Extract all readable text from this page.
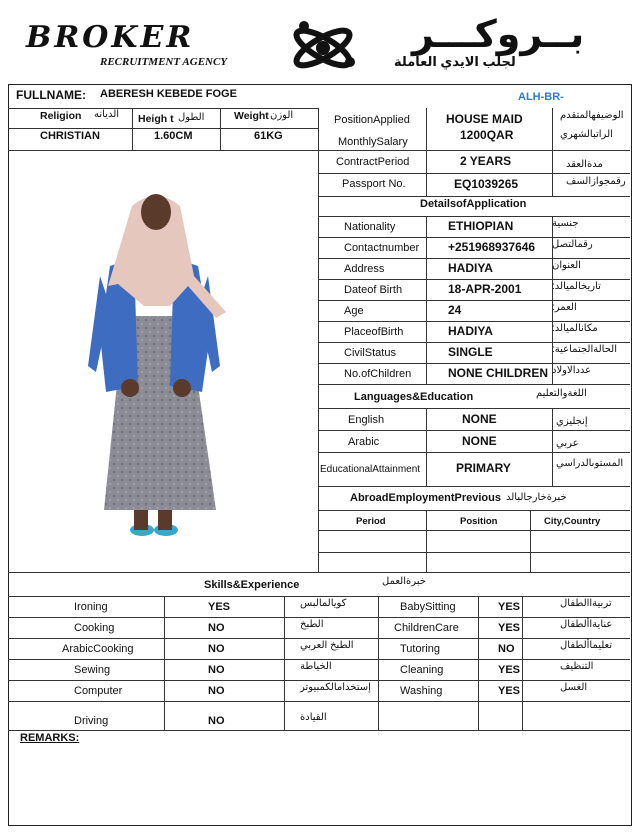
BROKER
RECRUITMENT AGENCY
بــروكـــر
لجلب الايدي العاملة
FULLNAME: ABERESH KEBEDE FOGE	ALH-BR-
Religion الديانه Heigh t الطول	Weight الوزن
CHRISTIAN	1.60CM	61KG
PositionApplied	HOUSE MAID	الوضيفهالمتقدم
MonthlySalary	1200QAR	الراتبالشهري
ContractPeriod	2 YEARS	مدةالعقد
Passport No.	EQ1039265	رقمجوازالسف
DetailsofApplication
Nationality	ETHIOPIAN	جنسية
Contactnumber +251968937646 رقمالتصل
Address	HADIYA	العنوان
Dateof Birth	18-APR-2001	تاريخالميالد:
Age	24	العمر:
PlaceofBirth	HADIYA	مكانالميالد:
CivilStatus	SINGLE	الحالةالجتماعية:
No.ofChildren	NONE CHILDREN عددالاولاد
Languages&Education	اللغةوالتعليم
English	NONE	إنجليزي
Arabic	NONE	عربي
EducationalAttainment	PRIMARY	المستوىالدراسي
AbroadEmploymentPrevious خبرةخارجالبالد
Period	Position	City,Country
Skills&Experience	خبرةالعمل
Ironing	YES	كويالمالبس	BabySitting	YES	تربيةاالطفال
Cooking	NO	الطبخ	ChildrenCare	YES	عنايةاألطفال
ArabicCooking	NO	الطبخ العربي	Tutoring	NO	تعليماألطفال
Sewing	NO	الخياطة	Cleaning	YES	التنظيف
Computer	NO	إستخدامالكمبيوتر	Washing	YES	الغسل
Driving	NO	القيادة
REMARKS:
